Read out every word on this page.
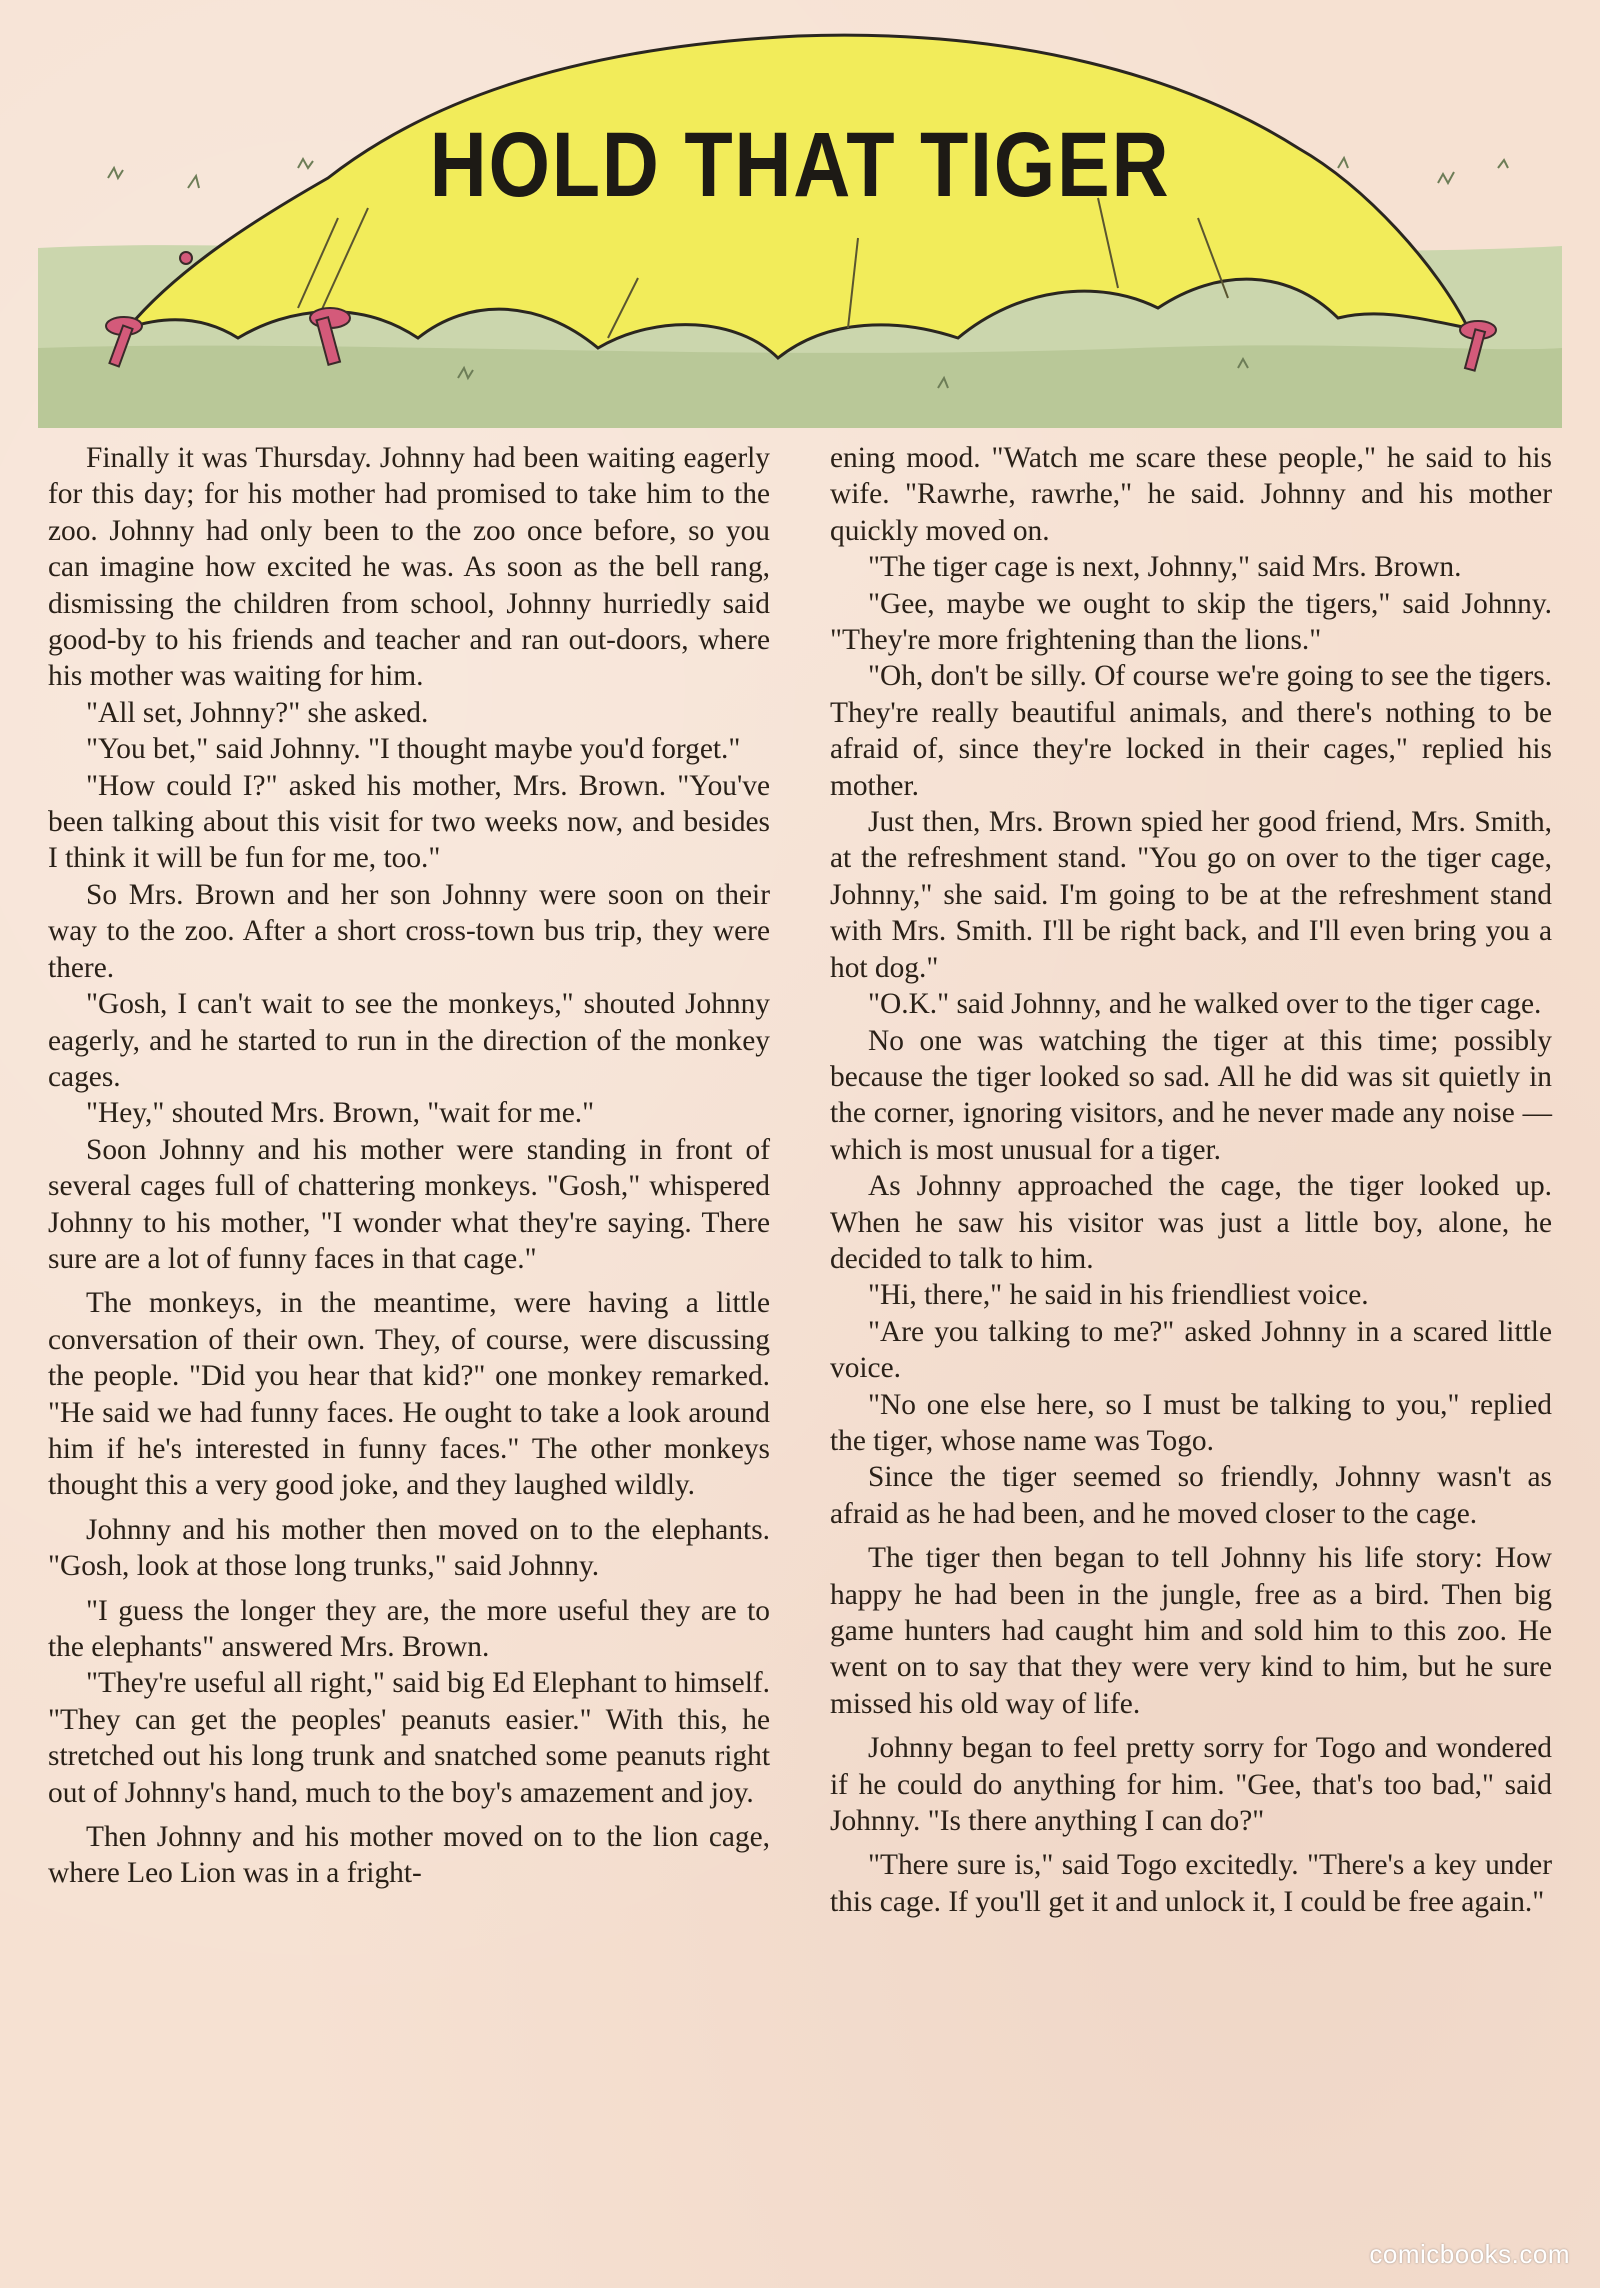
HOLD THAT TIGER

Finally it was Thursday. Johnny had been waiting eagerly for this day; for his mother had promised to take him to the zoo. Johnny had only been to the zoo once before, so you can imagine how excited he was. As soon as the bell rang, dismissing the children from school, Johnny hurriedly said good-by to his friends and teacher and ran out-doors, where his mother was waiting for him.

"All set, Johnny?" she asked.

"You bet," said Johnny. "I thought maybe you'd forget."

"How could I?" asked his mother, Mrs. Brown. "You've been talking about this visit for two weeks now, and besides I think it will be fun for me, too."

So Mrs. Brown and her son Johnny were soon on their way to the zoo. After a short cross-town bus trip, they were there.

"Gosh, I can't wait to see the monkeys," shouted Johnny eagerly, and he started to run in the direction of the monkey cages.

"Hey," shouted Mrs. Brown, "wait for me."

Soon Johnny and his mother were standing in front of several cages full of chattering monkeys. "Gosh," whispered Johnny to his mother, "I wonder what they're saying. There sure are a lot of funny faces in that cage."

The monkeys, in the meantime, were having a little conversation of their own. They, of course, were discussing the people. "Did you hear that kid?" one monkey remarked. "He said we had funny faces. He ought to take a look around him if he's interested in funny faces." The other monkeys thought this a very good joke, and they laughed wildly.

Johnny and his mother then moved on to the elephants. "Gosh, look at those long trunks," said Johnny.

"I guess the longer they are, the more useful they are to the elephants" answered Mrs. Brown.

"They're useful all right," said big Ed Elephant to himself. "They can get the peoples' peanuts easier." With this, he stretched out his long trunk and snatched some peanuts right out of Johnny's hand, much to the boy's amazement and joy.

Then Johnny and his mother moved on to the lion cage, where Leo Lion was in a fright-

ening mood. "Watch me scare these people," he said to his wife. "Rawrhe, rawrhe," he said. Johnny and his mother quickly moved on.

"The tiger cage is next, Johnny," said Mrs. Brown.

"Gee, maybe we ought to skip the tigers," said Johnny. "They're more frightening than the lions."

"Oh, don't be silly. Of course we're going to see the tigers. They're really beautiful animals, and there's nothing to be afraid of, since they're locked in their cages," replied his mother.

Just then, Mrs. Brown spied her good friend, Mrs. Smith, at the refreshment stand. "You go on over to the tiger cage, Johnny," she said. I'm going to be at the refreshment stand with Mrs. Smith. I'll be right back, and I'll even bring you a hot dog."

"O.K." said Johnny, and he walked over to the tiger cage.

No one was watching the tiger at this time; possibly because the tiger looked so sad. All he did was sit quietly in the corner, ignoring visitors, and he never made any noise — which is most unusual for a tiger.

As Johnny approached the cage, the tiger looked up. When he saw his visitor was just a little boy, alone, he decided to talk to him.

"Hi, there," he said in his friendliest voice.

"Are you talking to me?" asked Johnny in a scared little voice.

"No one else here, so I must be talking to you," replied the tiger, whose name was Togo.

Since the tiger seemed so friendly, Johnny wasn't as afraid as he had been, and he moved closer to the cage.

The tiger then began to tell Johnny his life story: How happy he had been in the jungle, free as a bird. Then big game hunters had caught him and sold him to this zoo. He went on to say that they were very kind to him, but he sure missed his old way of life.

Johnny began to feel pretty sorry for Togo and wondered if he could do anything for him. "Gee, that's too bad," said Johnny. "Is there anything I can do?"

"There sure is," said Togo excitedly. "There's a key under this cage. If you'll get it and unlock it, I could be free again."

comicbooks.com
